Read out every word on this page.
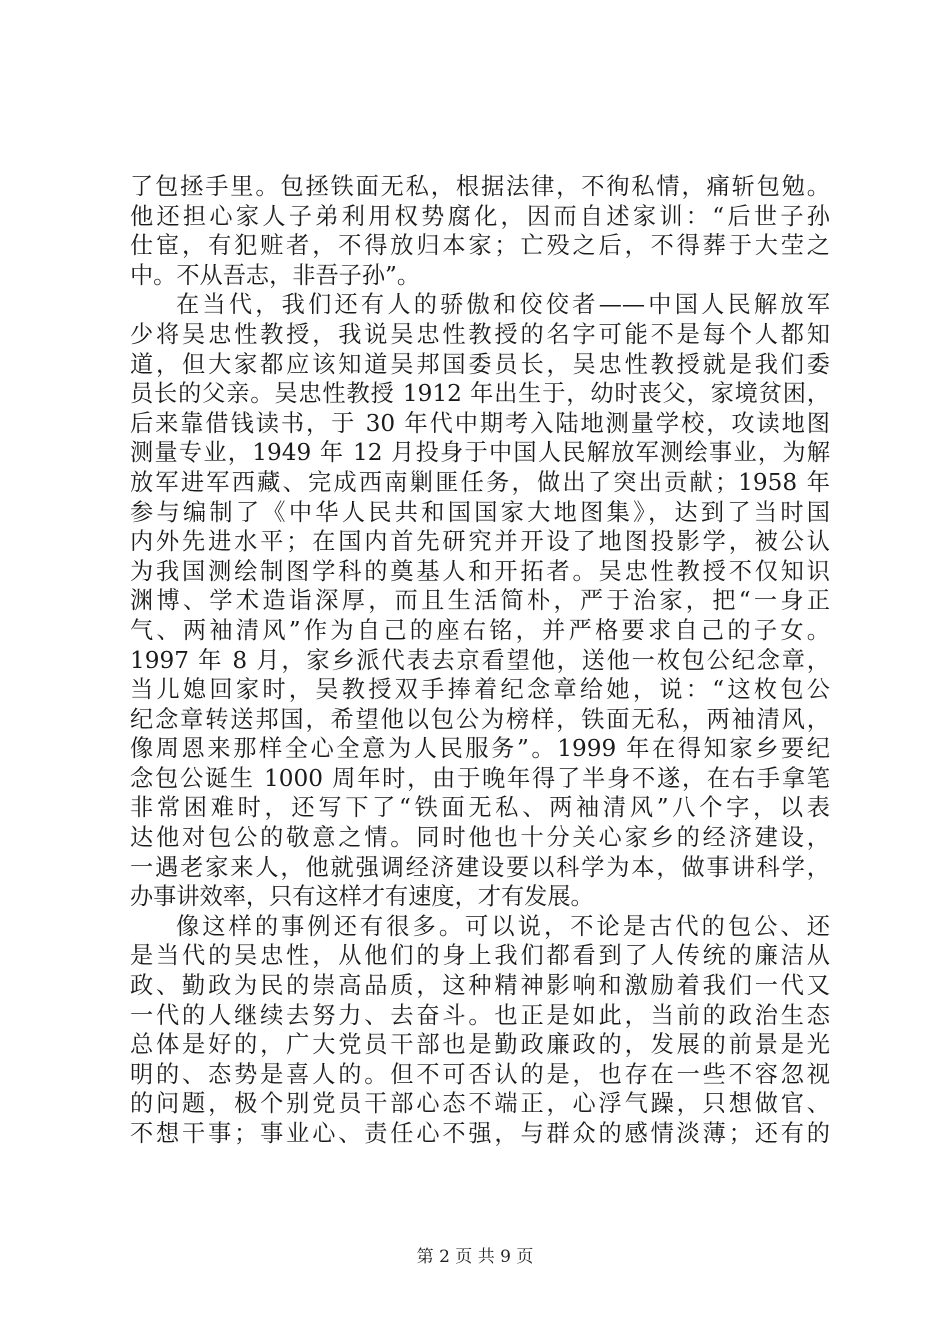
了包拯手里。包拯铁面无私，根据法律，不徇私情，痛斩包勉。
他还担心家人子弟利用权势腐化，因而自述家训：“后世子孙
仕宦，有犯赃者，不得放归本家；亡殁之后，不得葬于大茔之
中。不从吾志，非吾子孙”。
在当代，我们还有人的骄傲和佼佼者——中国人民解放军
少将吴忠性教授，我说吴忠性教授的名字可能不是每个人都知
道，但大家都应该知道吴邦国委员长，吴忠性教授就是我们委
员长的父亲。吴忠性教授 1912 年出生于，幼时丧父，家境贫困，
后来靠借钱读书，于 30 年代中期考入陆地测量学校，攻读地图
测量专业，1949 年 12 月投身于中国人民解放军测绘事业，为解
放军进军西藏、完成西南剿匪任务，做出了突出贡献；1958 年
参与编制了《中华人民共和国国家大地图集》，达到了当时国
内外先进水平；在国内首先研究并开设了地图投影学，被公认
为我国测绘制图学科的奠基人和开拓者。吴忠性教授不仅知识
渊博、学术造诣深厚，而且生活简朴，严于治家，把“一身正
气、两袖清风”作为自己的座右铭，并严格要求自己的子女。
1997 年 8 月，家乡派代表去京看望他，送他一枚包公纪念章，
当儿媳回家时，吴教授双手捧着纪念章给她，说：“这枚包公
纪念章转送邦国，希望他以包公为榜样，铁面无私，两袖清风，
像周恩来那样全心全意为人民服务”。1999 年在得知家乡要纪
念包公诞生 1000 周年时，由于晚年得了半身不遂，在右手拿笔
非常困难时，还写下了“铁面无私、两袖清风”八个字，以表
达他对包公的敬意之情。同时他也十分关心家乡的经济建设，
一遇老家来人，他就强调经济建设要以科学为本，做事讲科学，
办事讲效率，只有这样才有速度，才有发展。
像这样的事例还有很多。可以说，不论是古代的包公、还
是当代的吴忠性，从他们的身上我们都看到了人传统的廉洁从
政、勤政为民的崇高品质，这种精神影响和激励着我们一代又
一代的人继续去努力、去奋斗。也正是如此，当前的政治生态
总体是好的，广大党员干部也是勤政廉政的，发展的前景是光
明的、态势是喜人的。但不可否认的是，也存在一些不容忽视
的问题，极个别党员干部心态不端正，心浮气躁，只想做官、
不想干事；事业心、责任心不强，与群众的感情淡薄；还有的
第 2 页 共 9 页
